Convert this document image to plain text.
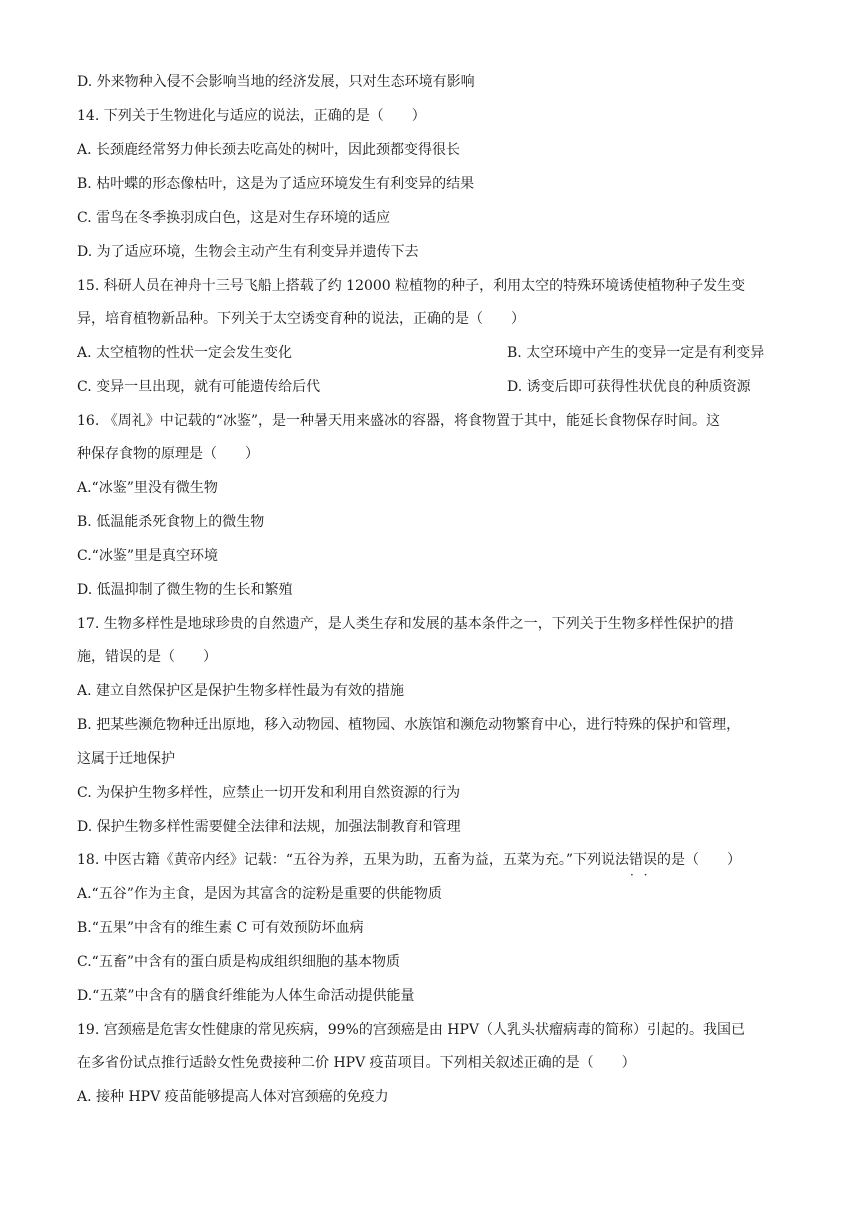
D. 外来物种入侵不会影响当地的经济发展，只对生态环境有影响
14. 下列关于生物进化与适应的说法，正确的是（　　）
A. 长颈鹿经常努力伸长颈去吃高处的树叶，因此颈都变得很长
B. 枯叶蝶的形态像枯叶，这是为了适应环境发生有利变异的结果
C. 雷鸟在冬季换羽成白色，这是对生存环境的适应
D. 为了适应环境，生物会主动产生有利变异并遗传下去
15. 科研人员在神舟十三号飞船上搭载了约 12000 粒植物的种子，利用太空的特殊环境诱使植物种子发生变
异，培育植物新品种。下列关于太空诱变育种的说法，正确的是（　　）
A. 太空植物的性状一定会发生变化	B. 太空环境中产生的变异一定是有利变异
C. 变异一旦出现，就有可能遗传给后代	D. 诱变后即可获得性状优良的种质资源
16. 《周礼》中记载的“冰鉴”，是一种暑天用来盛冰的容器，将食物置于其中，能延长食物保存时间。这
种保存食物的原理是（　　）
A.“冰鉴”里没有微生物
B. 低温能杀死食物上的微生物
C.“冰鉴”里是真空环境
D. 低温抑制了微生物的生长和繁殖
17. 生物多样性是地球珍贵的自然遗产，是人类生存和发展的基本条件之一，下列关于生物多样性保护的措
施，错误的是（　　）
A. 建立自然保护区是保护生物多样性最为有效的措施
B. 把某些濒危物种迁出原地，移入动物园、植物园、水族馆和濒危动物繁育中心，进行特殊的保护和管理，
这属于迁地保护
C. 为保护生物多样性，应禁止一切开发和利用自然资源的行为
D. 保护生物多样性需要健全法律和法规，加强法制教育和管理
18. 中医古籍《黄帝内经》记载：“五谷为养，五果为助，五畜为益，五菜为充。”下列说法错误 · ·的是（　　）
A.“五谷”作为主食，是因为其富含的淀粉是重要的供能物质
B.“五果”中含有的维生素 C 可有效预防坏血病
C.“五畜”中含有的蛋白质是构成组织细胞的基本物质
D.“五菜”中含有的膳食纤维能为人体生命活动提供能量
19. 宫颈癌是危害女性健康的常见疾病，99%的宫颈癌是由 HPV（人乳头状瘤病毒的简称）引起的。我国已
在多省份试点推行适龄女性免费接种二价 HPV 疫苗项目。下列相关叙述正确的是（　　）
A. 接种 HPV 疫苗能够提高人体对宫颈癌的免疫力
